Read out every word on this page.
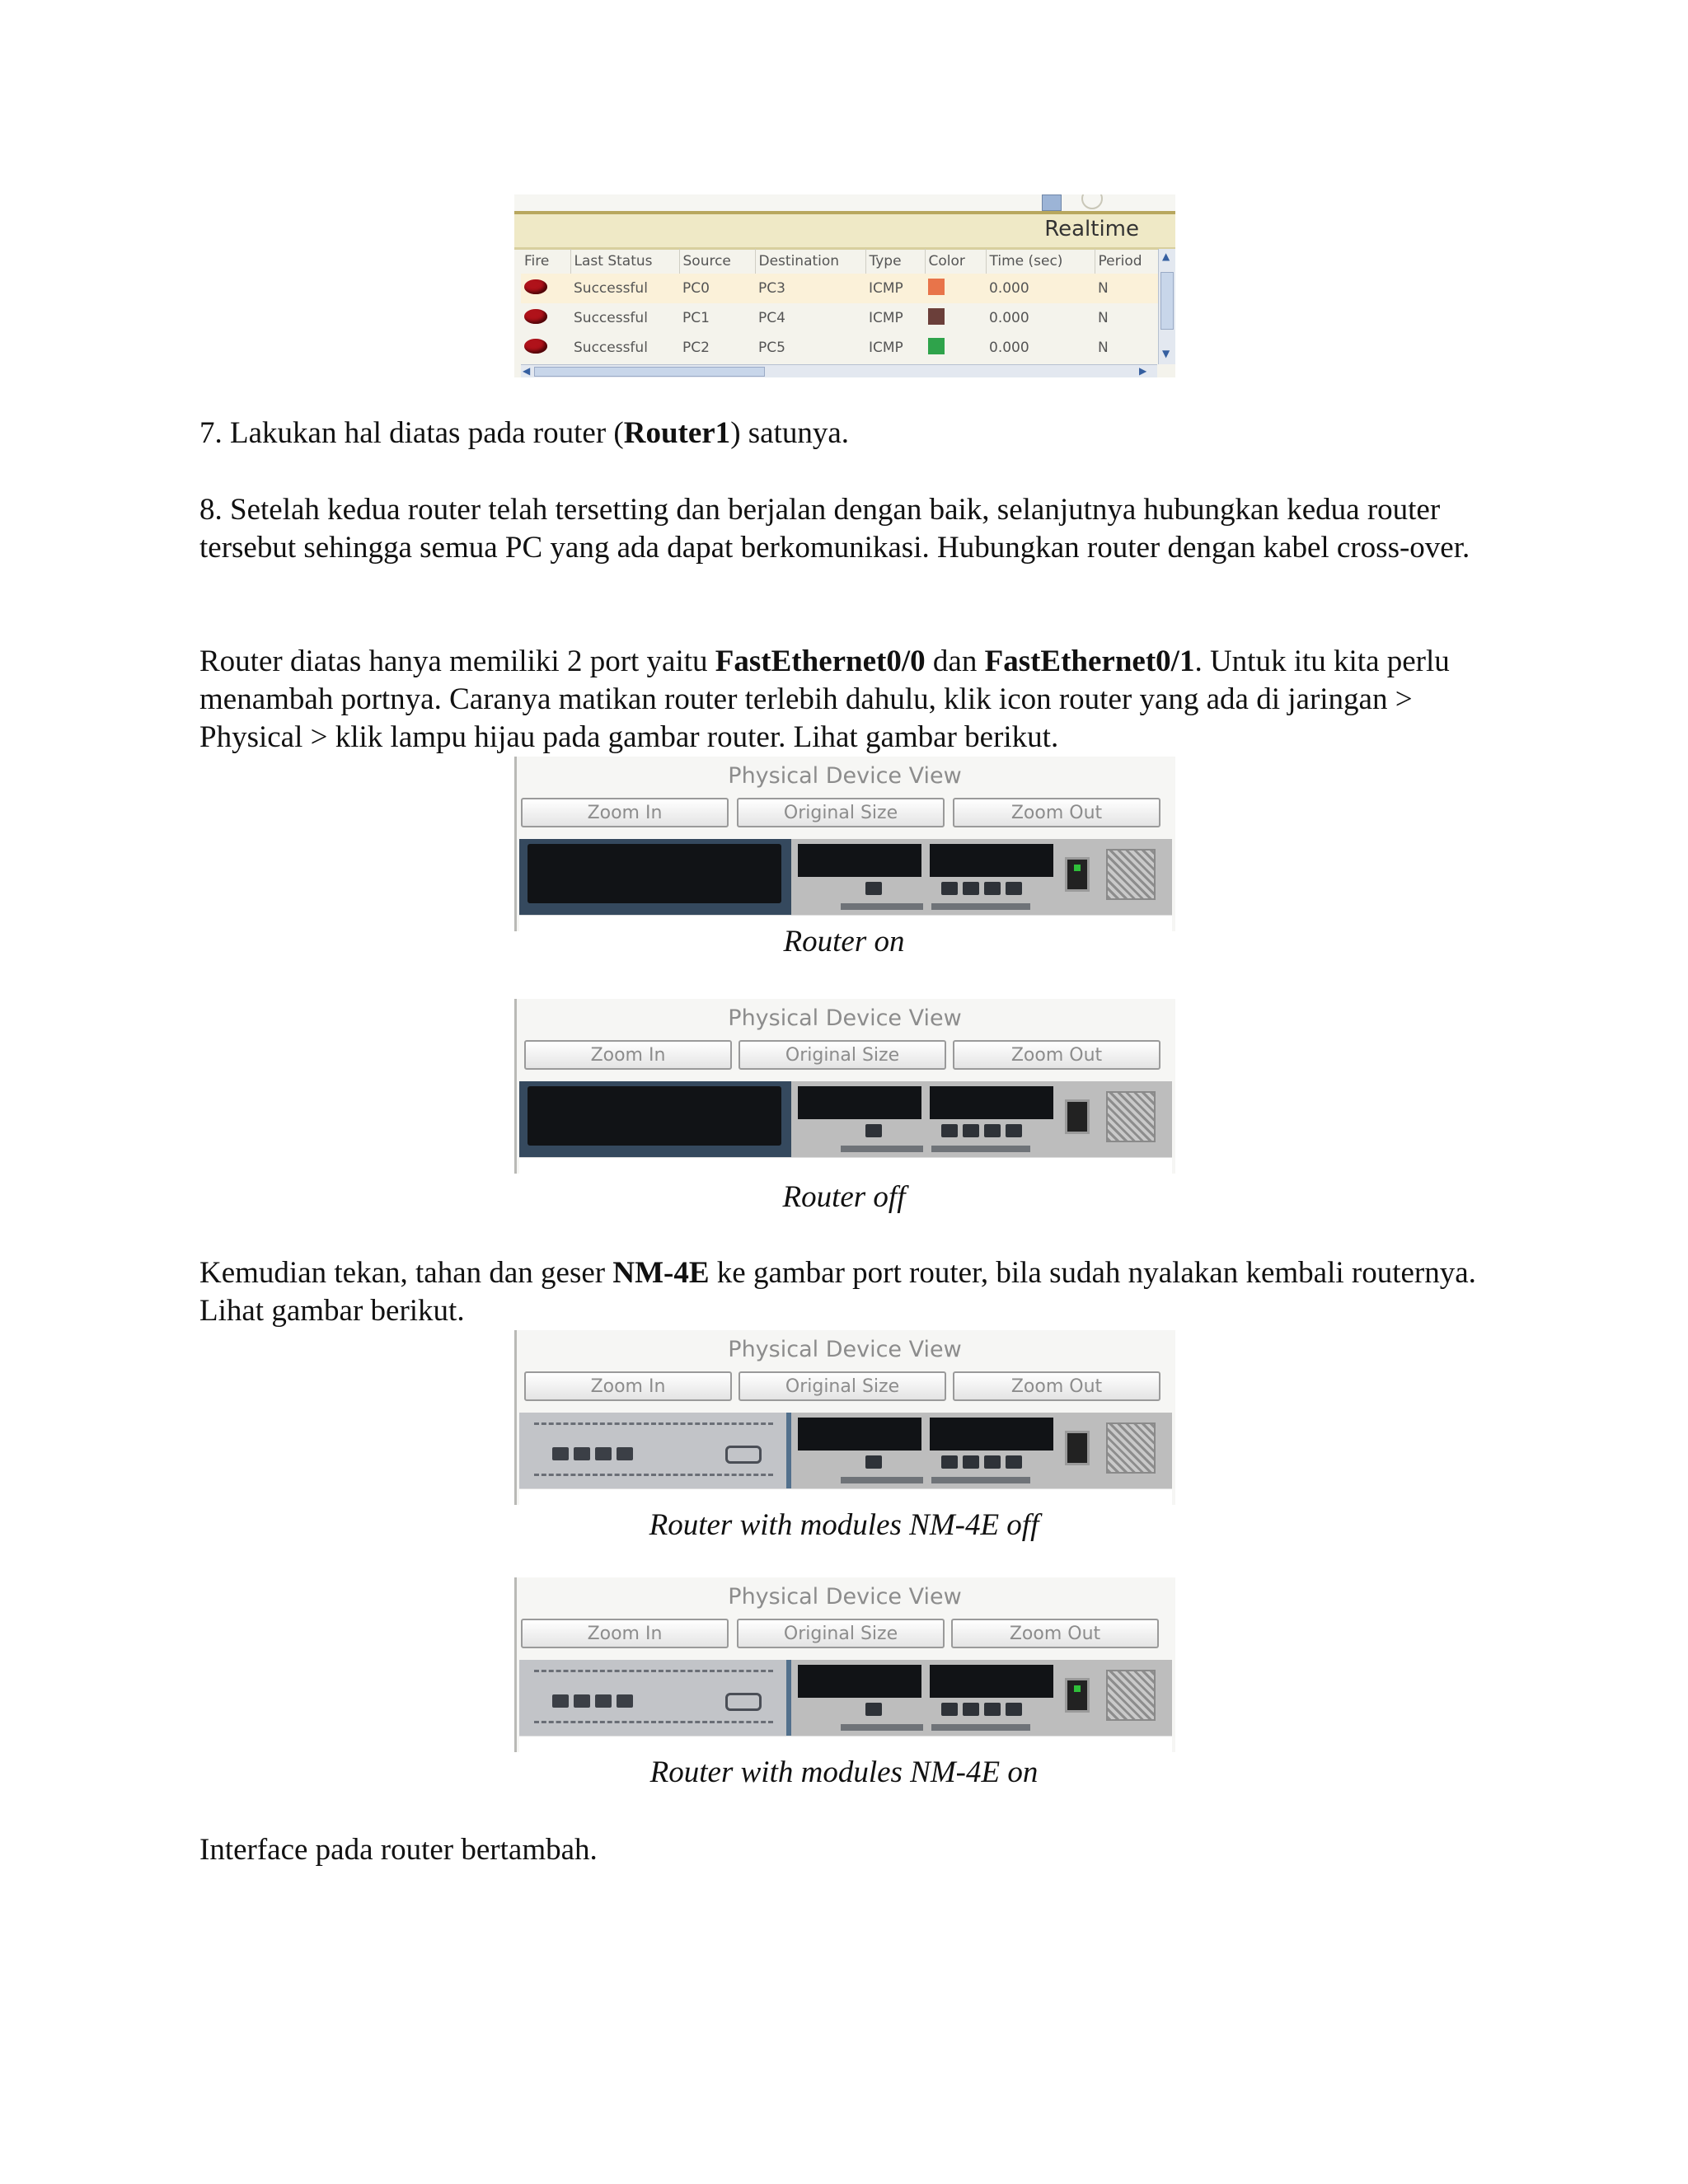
Realtime
Fire	Last Status	Source	Destination	Type	Color	Time (sec)	Period
	Successful	PC0	PC3	ICMP		0.000	N
	Successful	PC1	PC4	ICMP		0.000	N
	Successful	PC2	PC5	ICMP		0.000	N
▲
▼
◀	▶

7. Lakukan hal diatas pada router (Router1) satunya.

8. Setelah kedua router telah tersetting dan berjalan dengan baik, selanjutnya hubungkan kedua router tersebut sehingga semua PC yang ada dapat berkomunikasi. Hubungkan router dengan kabel cross-over.

Router diatas hanya memiliki 2 port yaitu FastEthernet0/0 dan FastEthernet0/1. Untuk itu kita perlu menambah portnya. Caranya matikan router terlebih dahulu, klik icon router yang ada di jaringan > Physical > klik lampu hijau pada gambar router. Lihat gambar berikut.

Physical Device View
Zoom In	Original Size	Zoom Out
Router on
Physical Device View
Zoom In	Original Size	Zoom Out
Router off

Kemudian tekan, tahan dan geser NM-4E ke gambar port router, bila sudah nyalakan kembali routernya. Lihat gambar berikut.

Physical Device View
Zoom In	Original Size	Zoom Out
Router with modules NM-4E off
Physical Device View
Zoom In	Original Size	Zoom Out
Router with modules NM-4E on

Interface pada router bertambah.
